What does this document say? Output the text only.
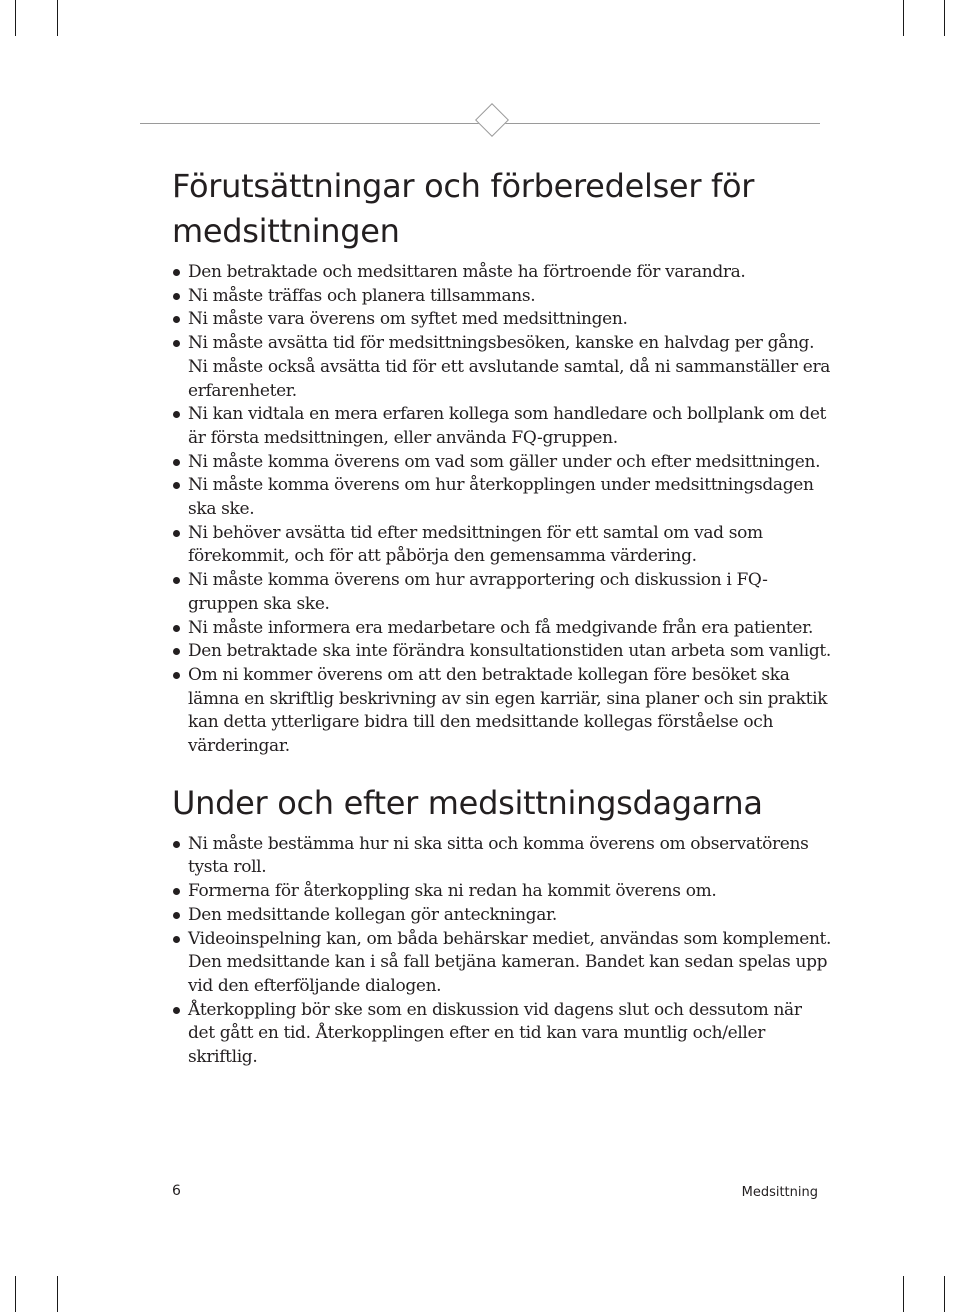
Förutsättningar och förberedelser för medsittningen
Den betraktade och medsittaren måste ha förtroende för varandra.
Ni måste träffas och planera tillsammans.
Ni måste vara överens om syftet med medsittningen.
Ni måste avsätta tid för medsittningsbesöken, kanske en halvdag per gång. Ni måste också avsätta tid för ett avslutande samtal, då ni sammanställer era erfarenheter.
Ni kan vidtala en mera erfaren kollega som handledare och bollplank om det är första medsittningen, eller använda FQ-gruppen.
Ni måste komma överens om vad som gäller under och efter medsittningen.
Ni måste komma överens om hur återkopplingen under medsittningsdagen ska ske.
Ni behöver avsätta tid efter medsittningen för ett samtal om vad som förekommit, och för att påbörja den gemensamma värdering.
Ni måste komma överens om hur avrapportering och diskussion i FQ-gruppen ska ske.
Ni måste informera era medarbetare och få medgivande från era patienter.
Den betraktade ska inte förändra konsultationstiden utan arbeta som vanligt.
Om ni kommer överens om att den betraktade kollegan före besöket ska lämna en skriftlig beskrivning av sin egen karriär, sina planer och sin praktik kan detta ytterligare bidra till den medsittande kollegas förståelse och värderingar.
Under och efter medsittningsdagarna
Ni måste bestämma hur ni ska sitta och komma överens om observatörens tysta roll.
Formerna för återkoppling ska ni redan ha kommit överens om.
Den medsittande kollegan gör anteckningar.
Videoinspelning kan, om båda behärskar mediet, användas som komplement. Den medsittande kan i så fall betjäna kameran. Bandet kan sedan spelas upp vid den efterföljande dialogen.
Återkoppling bör ske som en diskussion vid dagens slut och dessutom när det gått en tid. Återkopplingen efter en tid kan vara muntlig och/eller skriftlig.
6	Medsittning
